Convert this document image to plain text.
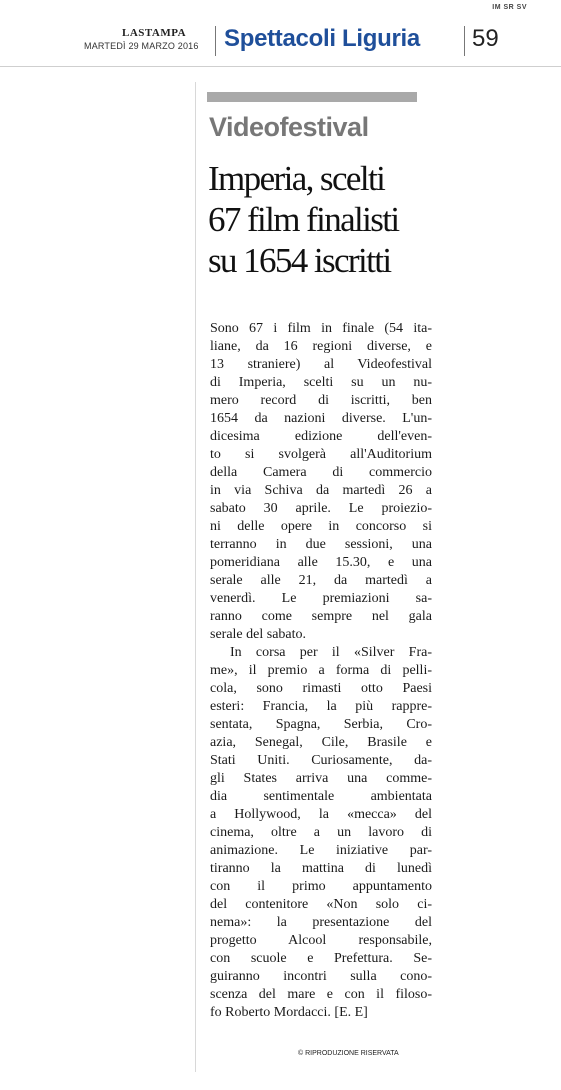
IM SR SV
LASTAMPA
MARTEDÌ 29 MARZO 2016 Spettacoli Liguria 59
Videofestival
Imperia, scelti
67 film finalisti
su 1654 iscritti
Sono 67 i film in finale (54 ita-
liane, da 16 regioni diverse, e
13 straniere) al Videofestival
di Imperia, scelti su un nu-
mero record di iscritti, ben
1654 da nazioni diverse. L'un-
dicesima edizione dell'even-
to si svolgerà all'Auditorium
della Camera di commercio
in via Schiva da martedì 26 a
sabato 30 aprile. Le proiezio-
ni delle opere in concorso si
terranno in due sessioni, una
pomeridiana alle 15.30, e una
serale alle 21, da martedì a
venerdì. Le premiazioni sa-
ranno come sempre nel gala
serale del sabato.
In corsa per il «Silver Fra-
me», il premio a forma di pelli-
cola, sono rimasti otto Paesi
esteri: Francia, la più rappre-
sentata, Spagna, Serbia, Cro-
azia, Senegal, Cile, Brasile e
Stati Uniti. Curiosamente, da-
gli States arriva una comme-
dia sentimentale ambientata
a Hollywood, la «mecca» del
cinema, oltre a un lavoro di
animazione. Le iniziative par-
tiranno la mattina di lunedì
con il primo appuntamento
del contenitore «Non solo ci-
nema»: la presentazione del
progetto Alcool responsabile,
con scuole e Prefettura. Se-
guiranno incontri sulla cono-
scenza del mare e con il filoso-
fo Roberto Mordacci. [E. E]
© RIPRODUZIONE RISERVATA
